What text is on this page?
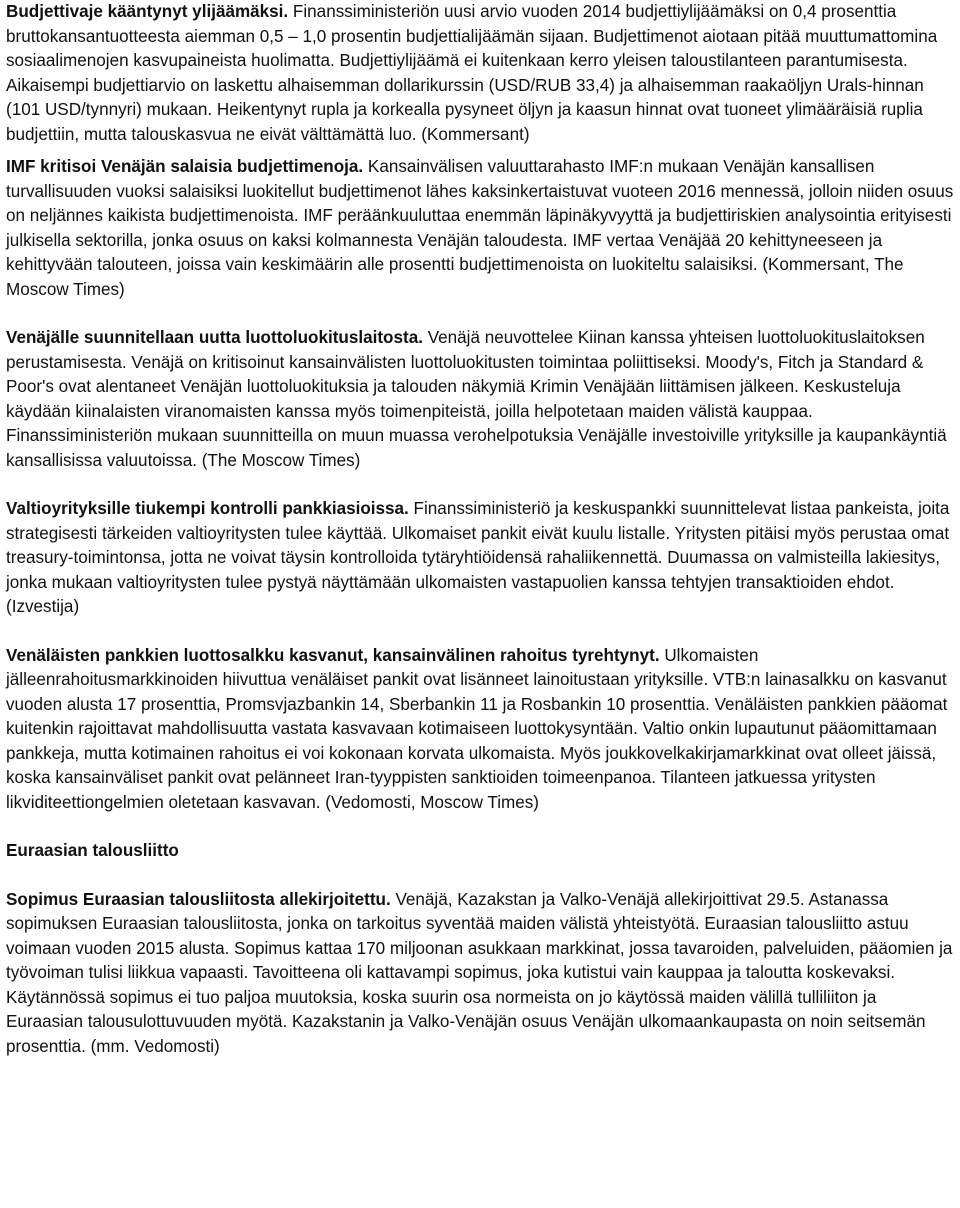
Budjettivaje kääntynyt ylijäämäksi. Finanssiministeriön uusi arvio vuoden 2014 budjettiylijäämäksi on 0,4 prosenttia bruttokansantuotteesta aiemman 0,5 – 1,0 prosentin budjettialijäämän sijaan. Budjettimenot aiotaan pitää muuttumattomina sosiaalimenojen kasvupaineista huolimatta. Budjettiylijäämä ei kuitenkaan kerro yleisen taloustilanteen parantumisesta. Aikaisempi budjettiarvio on laskettu alhaisemman dollarikurssin (USD/RUB 33,4) ja alhaisemman raakaöljyn Urals-hinnan (101 USD/tynnyri) mukaan. Heikentynyt rupla ja korkealla pysyneet öljyn ja kaasun hinnat ovat tuoneet ylimääräisiä ruplia budjettiin, mutta talouskasvua ne eivät välttämättä luo. (Kommersant)

IMF kritisoi Venäjän salaisia budjettimenoja. Kansainvälisen valuuttarahasto IMF:n mukaan Venäjän kansallisen turvallisuuden vuoksi salaisiksi luokitellut budjettimenot lähes kaksinkertaistuvat vuoteen 2016 mennessä, jolloin niiden osuus on neljännes kaikista budjettimenoista. IMF peräänkuuluttaa enemmän läpinäkyvyyttä ja budjettiriskien analysointia erityisesti julkisella sektorilla, jonka osuus on kaksi kolmannesta Venäjän taloudesta. IMF vertaa Venäjää 20 kehittyneeseen ja kehittyvään talouteen, joissa vain keskimäärin alle prosentti budjettimenoista on luokiteltu salaisiksi. (Kommersant, The Moscow Times)

Venäjälle suunnitellaan uutta luottoluokituslaitosta. Venäjä neuvottelee Kiinan kanssa yhteisen luottoluokituslaitoksen perustamisesta. Venäjä on kritisoinut kansainvälisten luottoluokitusten toimintaa poliittiseksi. Moody's, Fitch ja Standard & Poor's ovat alentaneet Venäjän luottoluokituksia ja talouden näkymiä Krimin Venäjään liittämisen jälkeen. Keskusteluja käydään kiinalaisten viranomaisten kanssa myös toimenpiteistä, joilla helpotetaan maiden välistä kauppaa. Finanssiministeriön mukaan suunnitteilla on muun muassa verohelpotuksia Venäjälle investoiville yrityksille ja kaupankäyntiä kansallisissa valuutoissa. (The Moscow Times)

Valtioyrityksille tiukempi kontrolli pankkiasioissa. Finanssiministeriö ja keskuspankki suunnittelevat listaa pankeista, joita strategisesti tärkeiden valtioyritysten tulee käyttää. Ulkomaiset pankit eivät kuulu listalle. Yritysten pitäisi myös perustaa omat treasury-toimintonsa, jotta ne voivat täysin kontrolloida tytäryhtiöidensä rahaliikennettä. Duumassa on valmisteilla lakiesitys, jonka mukaan valtioyritysten tulee pystyä näyttämään ulkomaisten vastapuolien kanssa tehtyjen transaktioiden ehdot. (Izvestija)

Venäläisten pankkien luottosalkku kasvanut, kansainvälinen rahoitus tyrehtynyt. Ulkomaisten jälleenrahoitusmarkkinoiden hiivuttua venäläiset pankit ovat lisänneet lainoitustaan yrityksille. VTB:n lainasalkku on kasvanut vuoden alusta 17 prosenttia, Promsvjazbankin 14, Sberbankin 11 ja Rosbankin 10 prosenttia. Venäläisten pankkien pääomat kuitenkin rajoittavat mahdollisuutta vastata kasvavaan kotimaiseen luottokysyntään. Valtio onkin lupautunut pääomittamaan pankkeja, mutta kotimainen rahoitus ei voi kokonaan korvata ulkomaista. Myös joukkovelkakirjamarkkinat ovat olleet jäissä, koska kansainväliset pankit ovat pelänneet Iran-tyyppisten sanktioiden toimeenpanoa. Tilanteen jatkuessa yritysten likviditeettiongelmien oletetaan kasvavan. (Vedomosti, Moscow Times)

Euraasian talousliitto

Sopimus Euraasian talousliitosta allekirjoitettu. Venäjä, Kazakstan ja Valko-Venäjä allekirjoittivat 29.5. Astanassa sopimuksen Euraasian talousliitosta, jonka on tarkoitus syventää maiden välistä yhteistyötä. Euraasian talousliitto astuu voimaan vuoden 2015 alusta. Sopimus kattaa 170 miljoonan asukkaan markkinat, jossa tavaroiden, palveluiden, pääomien ja työvoiman tulisi liikkua vapaasti. Tavoitteena oli kattavampi sopimus, joka kutistui vain kauppaa ja taloutta koskevaksi. Käytännössä sopimus ei tuo paljoa muutoksia, koska suurin osa normeista on jo käytössä maiden välillä tulliliiton ja Euraasian talousulottuvuuden myötä. Kazakstanin ja Valko-Venäjän osuus Venäjän ulkomaankaupasta on noin seitsemän prosenttia. (mm. Vedomosti)
